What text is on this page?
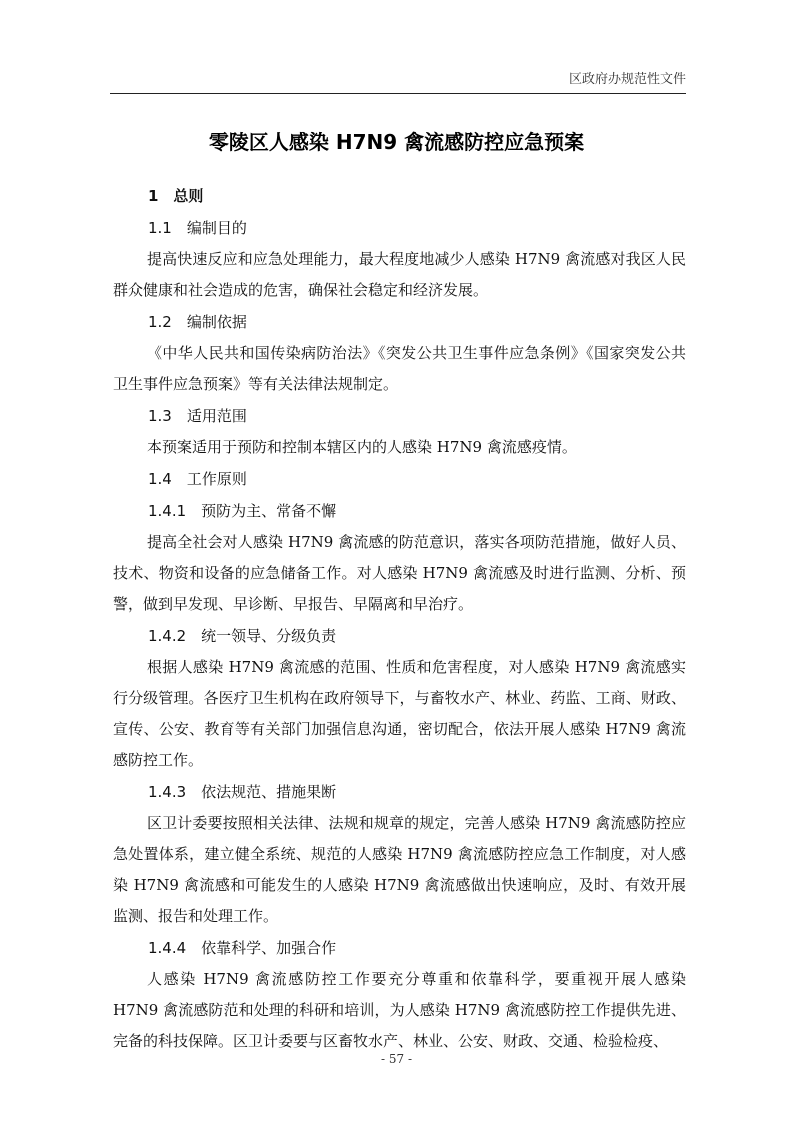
区政府办规范性文件
零陵区人感染 H7N9 禽流感防控应急预案
1　总则
1.1　编制目的

提高快速反应和应急处理能力，最大程度地减少人感染 H7N9 禽流感对我区人民群众健康和社会造成的危害，确保社会稳定和经济发展。

1.2　编制依据

《中华人民共和国传染病防治法》《突发公共卫生事件应急条例》《国家突发公共卫生事件应急预案》等有关法律法规制定。

1.3　适用范围

本预案适用于预防和控制本辖区内的人感染 H7N9 禽流感疫情。

1.4　工作原则
1.4.1　预防为主、常备不懈

提高全社会对人感染 H7N9 禽流感的防范意识，落实各项防范措施，做好人员、技术、物资和设备的应急储备工作。对人感染 H7N9 禽流感及时进行监测、分析、预警，做到早发现、早诊断、早报告、早隔离和早治疗。

1.4.2　统一领导、分级负责

根据人感染 H7N9 禽流感的范围、性质和危害程度，对人感染 H7N9 禽流感实行分级管理。各医疗卫生机构在政府领导下，与畜牧水产、林业、药监、工商、财政、宣传、公安、教育等有关部门加强信息沟通，密切配合，依法开展人感染 H7N9 禽流感防控工作。

1.4.3　依法规范、措施果断

区卫计委要按照相关法律、法规和规章的规定，完善人感染 H7N9 禽流感防控应急处置体系，建立健全系统、规范的人感染 H7N9 禽流感防控应急工作制度，对人感染 H7N9 禽流感和可能发生的人感染 H7N9 禽流感做出快速响应，及时、有效开展监测、报告和处理工作。

1.4.4　依靠科学、加强合作

人感染 H7N9 禽流感防控工作要充分尊重和依靠科学，要重视开展人感染 H7N9 禽流感防范和处理的科研和培训，为人感染 H7N9 禽流感防控工作提供先进、完备的科技保障。区卫计委要与区畜牧水产、林业、公安、财政、交通、检验检疫、

- 57 -
